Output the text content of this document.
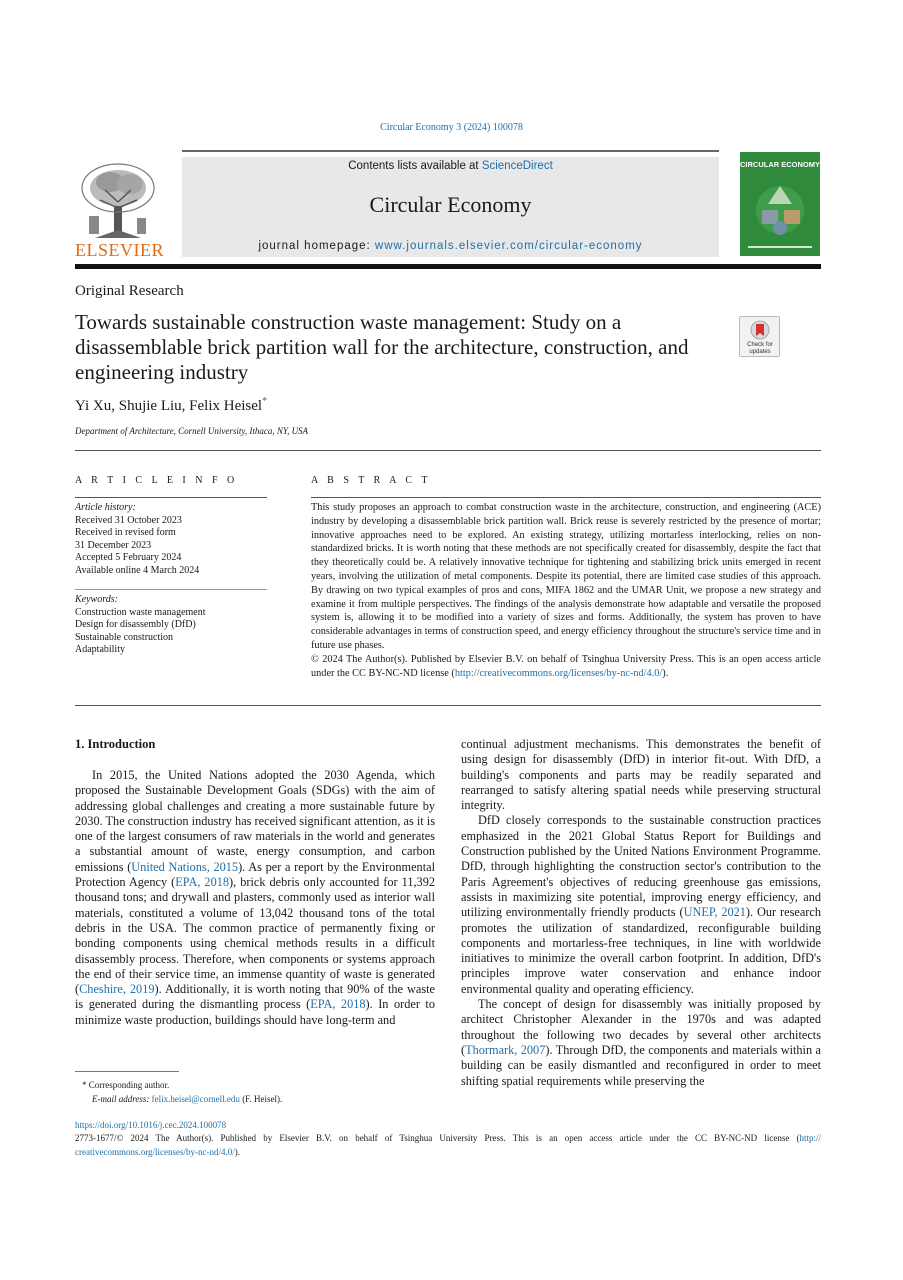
Circular Economy 3 (2024) 100078
ELSEVIER
Contents lists available at ScienceDirect
Circular Economy
journal homepage: www.journals.elsevier.com/circular-economy
CIRCULAR ECONOMY
Original Research
Towards sustainable construction waste management: Study on a disassemblable brick partition wall for the architecture, construction, and engineering industry
Check for updates
Yi Xu, Shujie Liu, Felix Heisel*
Department of Architecture, Cornell University, Ithaca, NY, USA
A R T I C L E I N F O
Article history:
Received 31 October 2023
Received in revised form
31 December 2023
Accepted 5 February 2024
Available online 4 March 2024
Keywords:
Construction waste management
Design for disassembly (DfD)
Sustainable construction
Adaptability
A B S T R A C T
This study proposes an approach to combat construction waste in the architecture, construction, and engineering (ACE) industry by developing a disassemblable brick partition wall. Brick reuse is severely restricted by the presence of mortar; innovative approaches need to be explored. An existing strategy, utilizing mortarless interlocking, relies on non-standardized bricks. It is worth noting that these methods are not specifically created for disassembly, despite the fact that they theoretically could be. A relatively innovative technique for tightening and stabilizing brick units emerged in recent years, involving the utilization of metal components. Despite its potential, there are limited case studies of this approach. By drawing on two typical examples of pros and cons, MIFA 1862 and the UMAR Unit, we propose a new strategy and examine it from multiple perspectives. The findings of the analysis demonstrate how adaptable and versatile the proposed system is, allowing it to be modified into a variety of sizes and forms. Additionally, the system has proven to have considerable advantages in terms of construction speed, and energy efficiency throughout the structure's service time and in future use phases.
© 2024 The Author(s). Published by Elsevier B.V. on behalf of Tsinghua University Press. This is an open access article under the CC BY-NC-ND license (http://creativecommons.org/licenses/by-nc-nd/4.0/).
1. Introduction

In 2015, the United Nations adopted the 2030 Agenda, which proposed the Sustainable Development Goals (SDGs) with the aim of addressing global challenges and creating a more sustainable future by 2030. The construction industry has received significant attention, as it is one of the largest consumers of raw materials in the world and generates a substantial amount of waste, energy consumption, and carbon emissions (United Nations, 2015). As per a report by the Environmental Protection Agency (EPA, 2018), brick debris only accounted for 11,392 thousand tons; and drywall and plasters, commonly used as interior wall materials, constituted a volume of 13,042 thousand tons of the total debris in the USA. The common practice of permanently fixing or bonding components using chemical methods results in a difficult disassembly process. Therefore, when components or systems approach the end of their service time, an immense quantity of waste is generated (Cheshire, 2019). Additionally, it is worth noting that 90% of the waste is generated during the dismantling process (EPA, 2018). In order to minimize waste production, buildings should have long-term and

continual adjustment mechanisms. This demonstrates the benefit of using design for disassembly (DfD) in interior fit-out. With DfD, a building's components and parts may be readily separated and rearranged to satisfy altering spatial needs while preserving structural integrity.

DfD closely corresponds to the sustainable construction practices emphasized in the 2021 Global Status Report for Buildings and Construction published by the United Nations Environment Programme. DfD, through highlighting the construction sector's contribution to the Paris Agreement's objectives of reducing greenhouse gas emissions, assists in maximizing site potential, improving energy efficiency, and utilizing environmentally friendly products (UNEP, 2021). Our research promotes the utilization of standardized, reconfigurable building components and mortarless-free techniques, in line with worldwide initiatives to minimize the overall carbon footprint. In addition, DfD's principles improve water conservation and enhance indoor environmental quality and operating efficiency.

The concept of design for disassembly was initially proposed by architect Christopher Alexander in the 1970s and was adapted throughout the following two decades by several other architects (Thormark, 2007). Through DfD, the components and materials within a building can be easily dismantled and reconfigured in order to meet shifting spatial requirements while preserving the

* Corresponding author.
E-mail address: felix.heisel@cornell.edu (F. Heisel).
https://doi.org/10.1016/j.cec.2024.100078
2773-1677/© 2024 The Author(s). Published by Elsevier B.V. on behalf of Tsinghua University Press. This is an open access article under the CC BY-NC-ND license (http:// creativecommons.org/licenses/by-nc-nd/4.0/).
